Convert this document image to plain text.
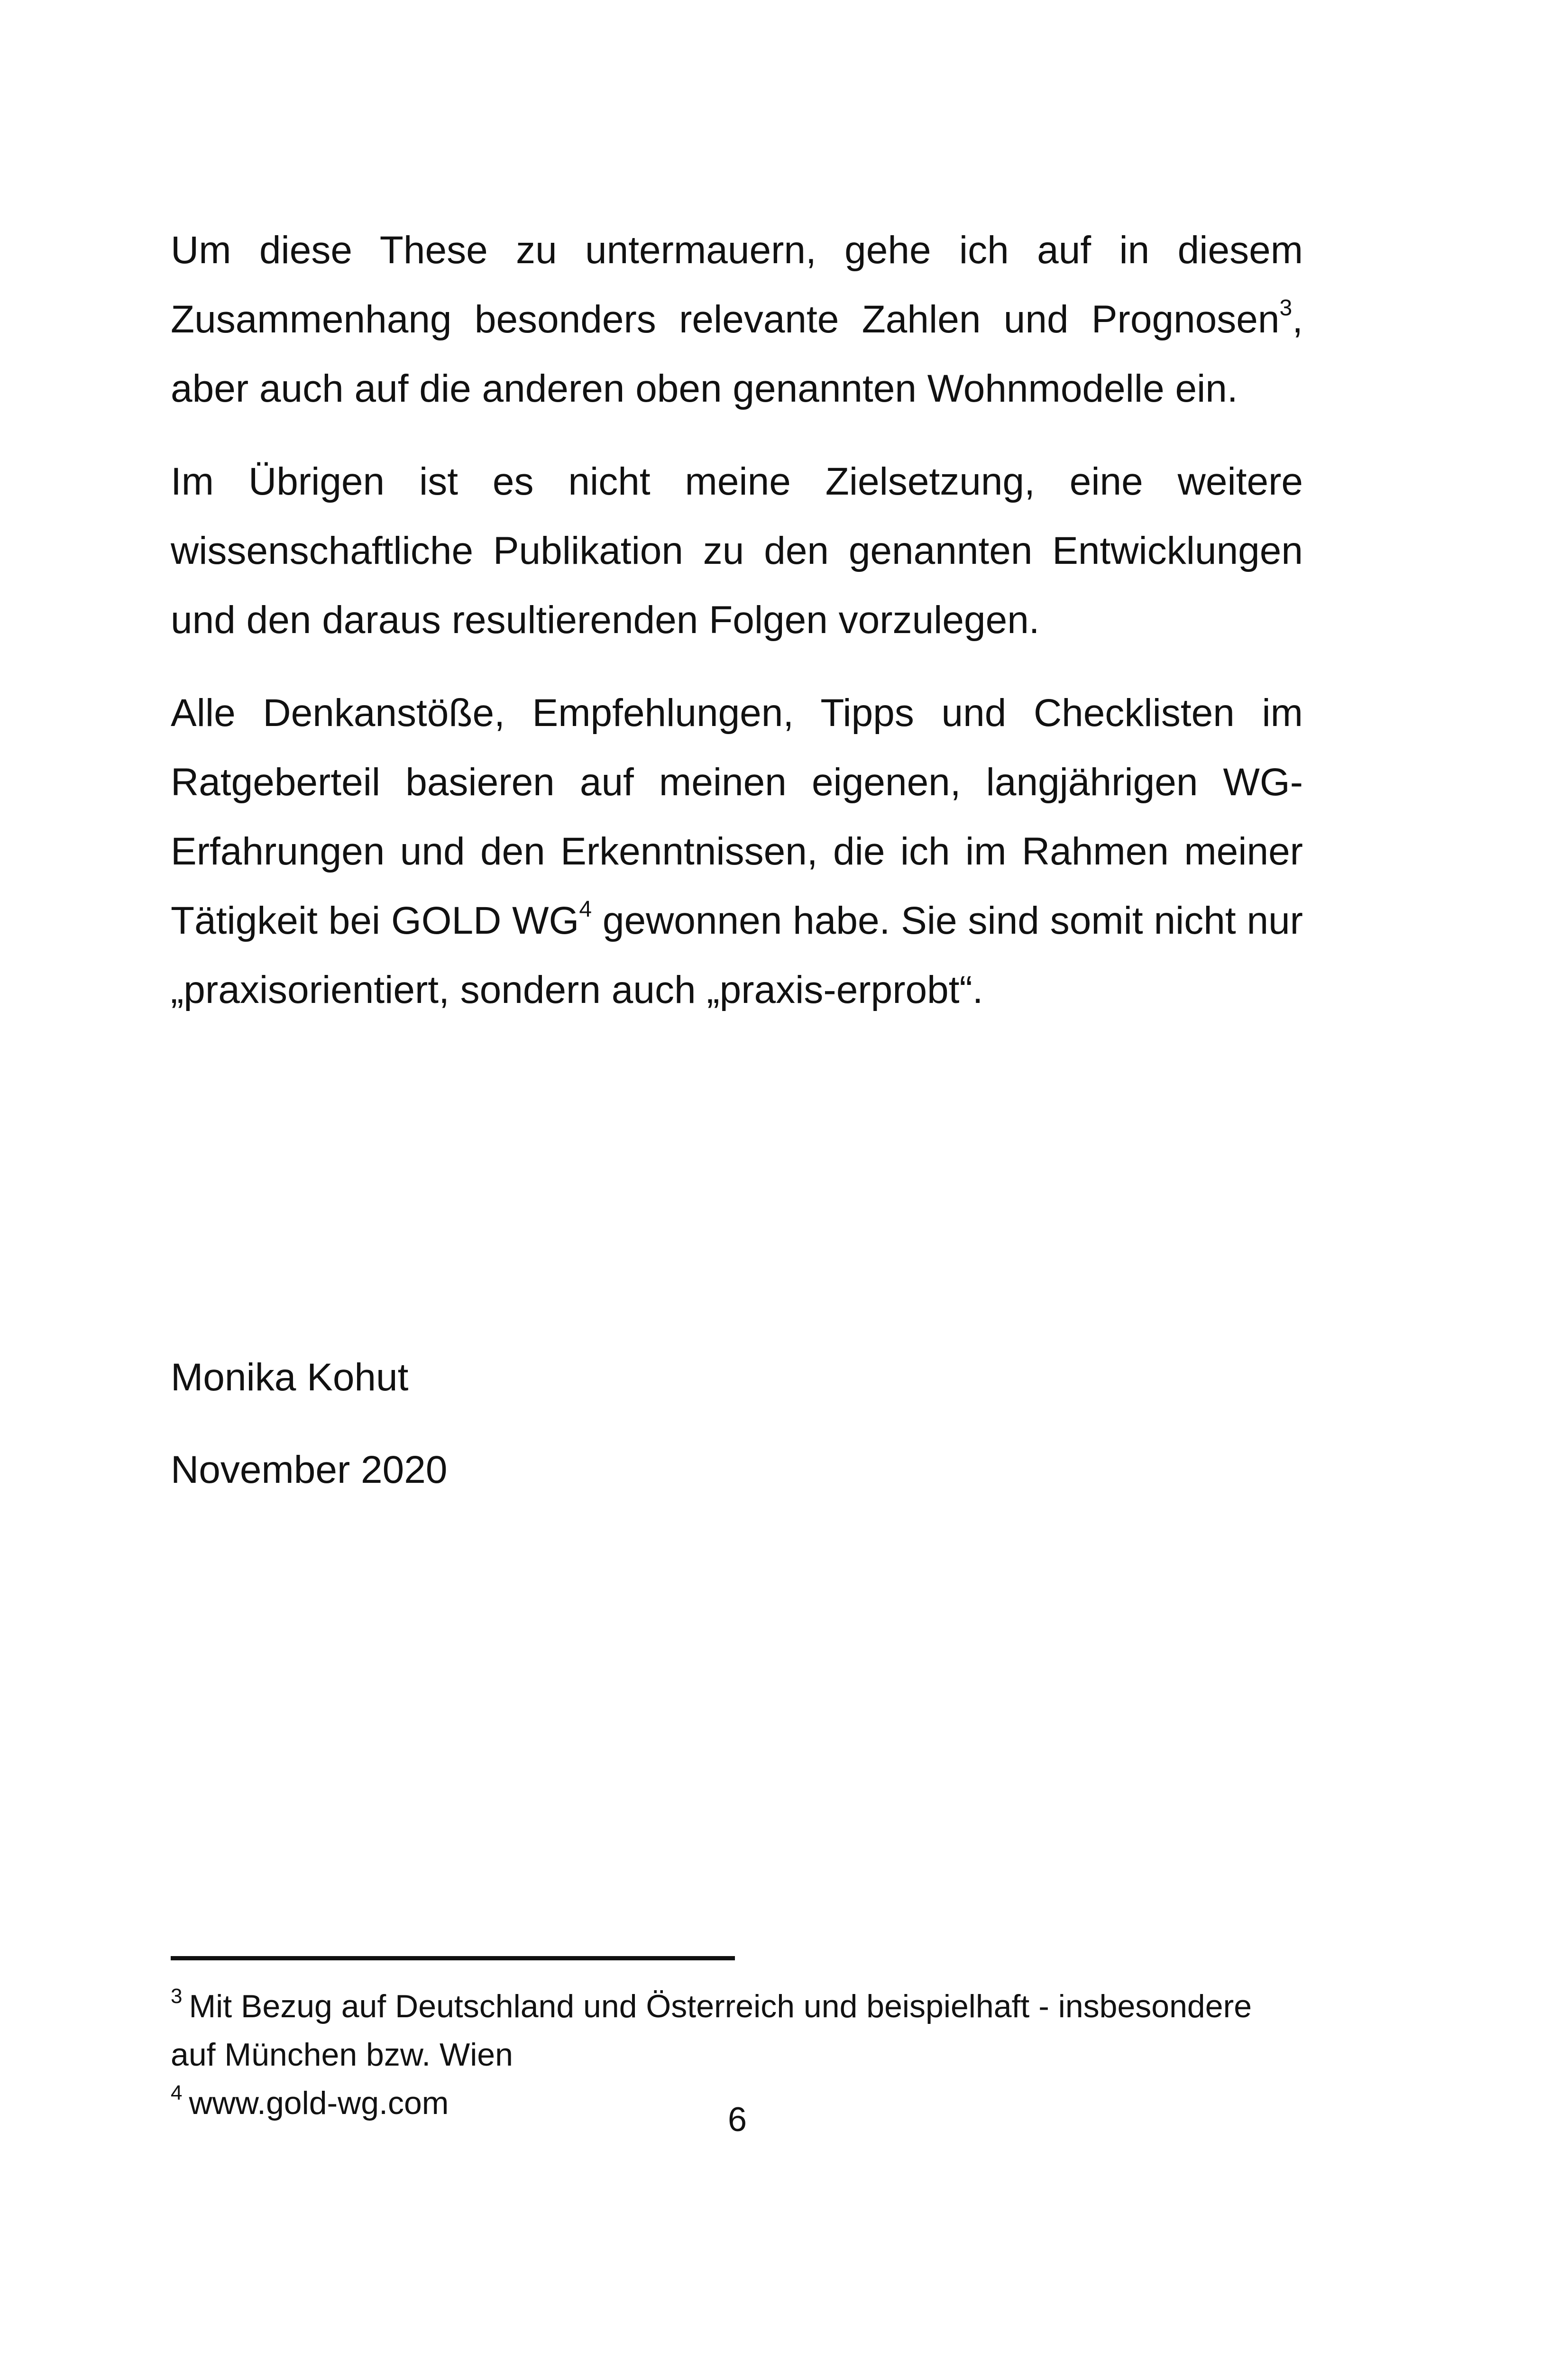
Um diese These zu untermauern, gehe ich auf in diesem Zusammenhang besonders relevante Zahlen und Prognosen$^3$, aber auch auf die anderen oben genannten Wohnmodelle ein.

Im Übrigen ist es nicht meine Zielsetzung, eine weitere wissenschaftliche Publikation zu den genannten Entwicklungen und den daraus resultierenden Folgen vorzulegen.

Alle Denkanstöße, Empfehlungen, Tipps und Checklisten im Ratgeberteil basieren auf meinen eigenen, langjährigen WG-Erfahrungen und den Erkenntnissen, die ich im Rahmen meiner Tätigkeit bei GOLD $WG^4$ gewonnen habe. Sie sind somit nicht nur „praxisorientiert, sondern auch „praxis-erprobt“.

Monika Kohut

November 2020

$^3$ Mit Bezug auf Deutschland und Österreich und beispielhaft - insbesondere auf München bzw. Wien

$^4$ www.gold-wg.com	6
